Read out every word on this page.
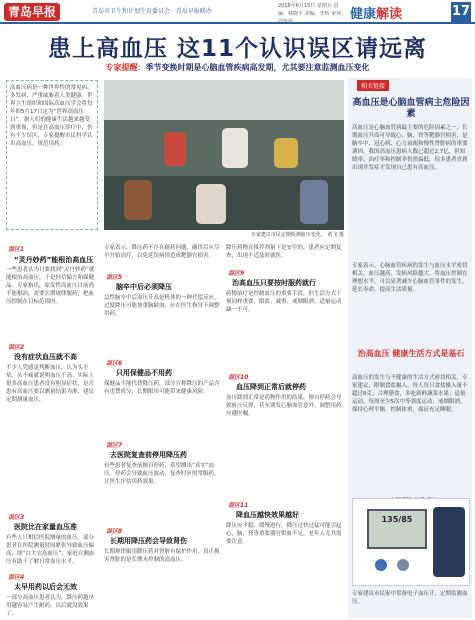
青岛早报	青岛市卫生和计划生育委员会 · 青岛早报联办
2018年6月15日 星期五 责编：韩晓平 美编：李辉 审读：周悦珍	健康解读	17
患上高血压 这11个认识误区请远离
专家提醒：季节变换时期是心脑血管疾病高发期，尤其要注意监测血压变化
高血压病是一种世界性的常见病、多发病，严重威胁着人类健康。世界卫生组织和国际高血压学会将每年的5月17日定为“世界高血压日”。据人们的健康生活越来越受到重视，但是在高血压诊疗中，仍有不少误区，专家提醒市民科学认识高血压，规范用药。
专家建议市民定期检测血压变化。 黄飞 摄
相关链接
高血压是心脑血管病主危险因素
高血压是心脑血管病最主要的危险因素之一，长期血压升高可导致心、脑、肾等靶器官损害，是脑卒中、冠心病、心力衰竭和慢性肾脏病的重要诱因。我国高血压患病人数已超过2.7亿，但知晓率、治疗率和控制率仍然偏低，很多患者直到出现并发症才发现自己患有高血压。
专家表示，心脑血管疾病的发生与血压水平密切相关，血压越高，发病风险越大。将血压控制在理想水平，可以显著减少心脑血管事件的发生，延长寿命，提高生活质量。
治高血压 健康生活方式是基石
高血压的发生与不健康的生活方式密切相关。专家建议，限制食盐摄入，每人每日食盐摄入量不超过6克；合理膳食，多吃新鲜蔬菜水果；适量运动，每周至少5次中等强度运动；戒烟限酒，保持心理平衡，控制体重，保证充足睡眠。
135/85
专家建议市民家中常备电子血压计，定期监测血压。
误区1
“灵丹妙药”能根治高血压
一些患者认为只要找到“灵丹妙药”就能根治高血压，于是轻信偏方和保健品。专家指出，原发性高血压目前尚不能根治，需要长期规律服药，把血压控制在目标范围内。
误区2
没有症状血压就不高
不少人凭感觉判断血压，认为头不晕、头不痛就说明血压不高。实际上很多高血压患者没有明显症状，是否患有高血压要以测量结果为准，建议定期测量血压。
误区3
医院比在家量血压准
有些人只相信医院测量的血压。部分患者在医院测量时因紧张导致血压偏高，即“白大衣高血压”。家庭自测血压有助于了解日常血压水平。
误区4
太早用药以后会无效
一部分高血压患者认为，降压药越早用越容易产生耐药，以后就没效果了。
专家表示，降压药不存在耐药问题，确诊后应尽早开始治疗，以免延误病情造成靶器官损害。
误区5
脑卒中后必须降压
急性脑卒中后血压升高是机体的一种代偿反应，过度降压可能加重脑缺血，应在医生指导下调整用药。
误区6
只用保健品不用药
保健品不能代替降压药，部分宣称降压的产品含有违禁成分，长期服用可能带来健康风险。
误区7
去医院复查前停用降压药
有些患者复查前擅自停药，希望测出“真实”血压。停药会导致血压波动，复查时应照常服药，让医生评估用药效果。
误区8
长期用降压药会导致肾伤
长期规律服用降压药对肾脏有保护作用，真正损害肾脏的是长期未控制的高血压。
降压药物在推荐剂量下是安全的，患者应定期复查，出现不适及时就医。
误区9
治高血压只要按时服药就行
药物治疗是控制血压的重要手段，但生活方式干预同样重要，限盐、减重、戒烟限酒、适量运动缺一不可。
误区10
血压降到正常后就停药
血压降到正常是药物作用的结果，擅自停药会导致血压反弹，甚至诱发心脑血管意外。调整用药应遵医嘱。
误区11
降血压越快效果越好
降压应平稳、缓慢进行，降压过快过猛可能引起心、脑、肾等重要器官供血不足，老年人尤其需要注意。
